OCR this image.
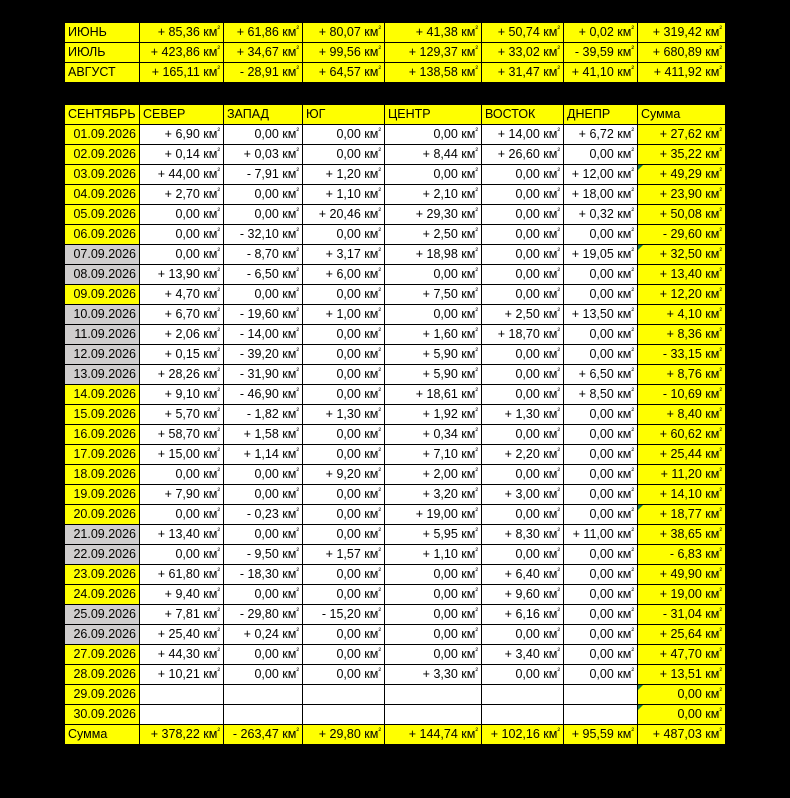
ИЮНЬ	+ 85,36 $км^{^2}$	+ 61,86 $км^{^2}$	+ 80,07 $км^{^2}$	+ 41,38 $км^{^2}$	+ 50,74 $км^{^2}$	+ 0,02 $км^{^2}$	+ 319,42 $км^{^2}$
ИЮЛЬ	+ 423,86 $км^{^2}$	+ 34,67 $км^{^2}$	+ 99,56 $км^{^2}$	+ 129,37 $км^{^2}$	+ 33,02 $км^{^2}$	- 39,59 $км^{^2}$	+ 680,89 $км^{^2}$
АВГУСТ	+ 165,11 $км^{^2}$	- 28,91 $км^{^2}$	+ 64,57 $км^{^2}$	+ 138,58 $км^{^2}$	+ 31,47 $км^{^2}$	+ 41,10 $км^{^2}$	+ 411,92 $км^{^2}$
СЕНТЯБРЬ	СЕВЕР	ЗАПАД	ЮГ	ЦЕНТР	ВОСТОК	ДНЕПР	Сумма
01.09.2026	+ 6,90 $км^{^2}$	0,00 $км^{^2}$	0,00 $км^{^2}$	0,00 $км^{^2}$	+ 14,00 $км^{^2}$	+ 6,72 $км^{^2}$	+ 27,62 $км^{^2}$
02.09.2026	+ 0,14 $км^{^2}$	+ 0,03 $км^{^2}$	0,00 $км^{^2}$	+ 8,44 $км^{^2}$	+ 26,60 $км^{^2}$	0,00 $км^{^2}$	+ 35,22 $км^{^2}$
03.09.2026	+ 44,00 $км^{^2}$	- 7,91 $км^{^2}$	+ 1,20 $км^{^2}$	0,00 $км^{^2}$	0,00 $км^{^2}$	+ 12,00 $км^{^2}$	+ 49,29 $км^{^2}$
04.09.2026	+ 2,70 $км^{^2}$	0,00 $км^{^2}$	+ 1,10 $км^{^2}$	+ 2,10 $км^{^2}$	0,00 $км^{^2}$	+ 18,00 $км^{^2}$	+ 23,90 $км^{^2}$
05.09.2026	0,00 $км^{^2}$	0,00 $км^{^2}$	+ 20,46 $км^{^2}$	+ 29,30 $км^{^2}$	0,00 $км^{^2}$	+ 0,32 $км^{^2}$	+ 50,08 $км^{^2}$
06.09.2026	0,00 $км^{^2}$	- 32,10 $км^{^2}$	0,00 $км^{^2}$	+ 2,50 $км^{^2}$	0,00 $км^{^2}$	0,00 $км^{^2}$	- 29,60 $км^{^2}$
07.09.2026	0,00 $км^{^2}$	- 8,70 $км^{^2}$	+ 3,17 $км^{^2}$	+ 18,98 $км^{^2}$	0,00 $км^{^2}$	+ 19,05 $км^{^2}$	+ 32,50 $км^{^2}$
08.09.2026	+ 13,90 $км^{^2}$	- 6,50 $км^{^2}$	+ 6,00 $км^{^2}$	0,00 $км^{^2}$	0,00 $км^{^2}$	0,00 $км^{^2}$	+ 13,40 $км^{^2}$
09.09.2026	+ 4,70 $км^{^2}$	0,00 $км^{^2}$	0,00 $км^{^2}$	+ 7,50 $км^{^2}$	0,00 $км^{^2}$	0,00 $км^{^2}$	+ 12,20 $км^{^2}$
10.09.2026	+ 6,70 $км^{^2}$	- 19,60 $км^{^2}$	+ 1,00 $км^{^2}$	0,00 $км^{^2}$	+ 2,50 $км^{^2}$	+ 13,50 $км^{^2}$	+ 4,10 $км^{^2}$
11.09.2026	+ 2,06 $км^{^2}$	- 14,00 $км^{^2}$	0,00 $км^{^2}$	+ 1,60 $км^{^2}$	+ 18,70 $км^{^2}$	0,00 $км^{^2}$	+ 8,36 $км^{^2}$
12.09.2026	+ 0,15 $км^{^2}$	- 39,20 $км^{^2}$	0,00 $км^{^2}$	+ 5,90 $км^{^2}$	0,00 $км^{^2}$	0,00 $км^{^2}$	- 33,15 $км^{^2}$
13.09.2026	+ 28,26 $км^{^2}$	- 31,90 $км^{^2}$	0,00 $км^{^2}$	+ 5,90 $км^{^2}$	0,00 $км^{^2}$	+ 6,50 $км^{^2}$	+ 8,76 $км^{^2}$
14.09.2026	+ 9,10 $км^{^2}$	- 46,90 $км^{^2}$	0,00 $км^{^2}$	+ 18,61 $км^{^2}$	0,00 $км^{^2}$	+ 8,50 $км^{^2}$	- 10,69 $км^{^2}$
15.09.2026	+ 5,70 $км^{^2}$	- 1,82 $км^{^2}$	+ 1,30 $км^{^2}$	+ 1,92 $км^{^2}$	+ 1,30 $км^{^2}$	0,00 $км^{^2}$	+ 8,40 $км^{^2}$
16.09.2026	+ 58,70 $км^{^2}$	+ 1,58 $км^{^2}$	0,00 $км^{^2}$	+ 0,34 $км^{^2}$	0,00 $км^{^2}$	0,00 $км^{^2}$	+ 60,62 $км^{^2}$
17.09.2026	+ 15,00 $км^{^2}$	+ 1,14 $км^{^2}$	0,00 $км^{^2}$	+ 7,10 $км^{^2}$	+ 2,20 $км^{^2}$	0,00 $км^{^2}$	+ 25,44 $км^{^2}$
18.09.2026	0,00 $км^{^2}$	0,00 $км^{^2}$	+ 9,20 $км^{^2}$	+ 2,00 $км^{^2}$	0,00 $км^{^2}$	0,00 $км^{^2}$	+ 11,20 $км^{^2}$
19.09.2026	+ 7,90 $км^{^2}$	0,00 $км^{^2}$	0,00 $км^{^2}$	+ 3,20 $км^{^2}$	+ 3,00 $км^{^2}$	0,00 $км^{^2}$	+ 14,10 $км^{^2}$
20.09.2026	0,00 $км^{^2}$	- 0,23 $км^{^2}$	0,00 $км^{^2}$	+ 19,00 $км^{^2}$	0,00 $км^{^2}$	0,00 $км^{^2}$	+ 18,77 $км^{^2}$
21.09.2026	+ 13,40 $км^{^2}$	0,00 $км^{^2}$	0,00 $км^{^2}$	+ 5,95 $км^{^2}$	+ 8,30 $км^{^2}$	+ 11,00 $км^{^2}$	+ 38,65 $км^{^2}$
22.09.2026	0,00 $км^{^2}$	- 9,50 $км^{^2}$	+ 1,57 $км^{^2}$	+ 1,10 $км^{^2}$	0,00 $км^{^2}$	0,00 $км^{^2}$	- 6,83 $км^{^2}$
23.09.2026	+ 61,80 $км^{^2}$	- 18,30 $км^{^2}$	0,00 $км^{^2}$	0,00 $км^{^2}$	+ 6,40 $км^{^2}$	0,00 $км^{^2}$	+ 49,90 $км^{^2}$
24.09.2026	+ 9,40 $км^{^2}$	0,00 $км^{^2}$	0,00 $км^{^2}$	0,00 $км^{^2}$	+ 9,60 $км^{^2}$	0,00 $км^{^2}$	+ 19,00 $км^{^2}$
25.09.2026	+ 7,81 $км^{^2}$	- 29,80 $км^{^2}$	- 15,20 $км^{^2}$	0,00 $км^{^2}$	+ 6,16 $км^{^2}$	0,00 $км^{^2}$	- 31,04 $км^{^2}$
26.09.2026	+ 25,40 $км^{^2}$	+ 0,24 $км^{^2}$	0,00 $км^{^2}$	0,00 $км^{^2}$	0,00 $км^{^2}$	0,00 $км^{^2}$	+ 25,64 $км^{^2}$
27.09.2026	+ 44,30 $км^{^2}$	0,00 $км^{^2}$	0,00 $км^{^2}$	0,00 $км^{^2}$	+ 3,40 $км^{^2}$	0,00 $км^{^2}$	+ 47,70 $км^{^2}$
28.09.2026	+ 10,21 $км^{^2}$	0,00 $км^{^2}$	0,00 $км^{^2}$	+ 3,30 $км^{^2}$	0,00 $км^{^2}$	0,00 $км^{^2}$	+ 13,51 $км^{^2}$
29.09.2026							0,00 $км^{^2}$
30.09.2026							0,00 $км^{^2}$
Сумма	+ 378,22 $км^{^2}$	- 263,47 $км^{^2}$	+ 29,80 $км^{^2}$	+ 144,74 $км^{^2}$	+ 102,16 $км^{^2}$	+ 95,59 $км^{^2}$	+ 487,03 $км^{^2}$
